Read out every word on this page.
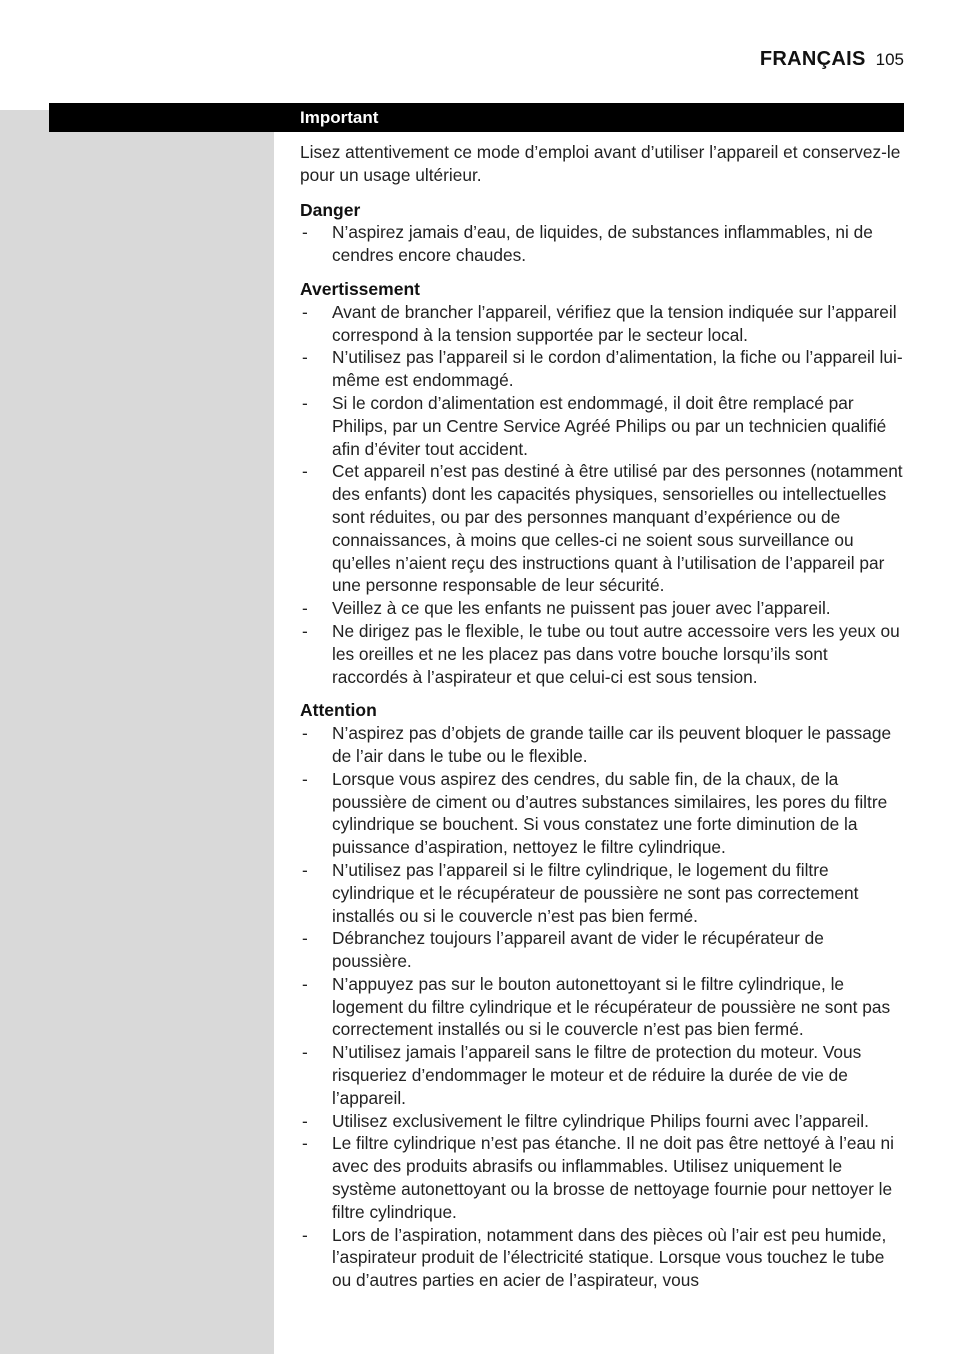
FRANÇAIS 105
Important

Lisez attentivement ce mode d’emploi avant d’utiliser l’appareil et conservez-le pour un usage ultérieur.

Danger
- N’aspirez jamais d’eau, de liquides, de substances inflammables, ni de cendres encore chaudes.
Avertissement
- Avant de brancher l’appareil, vérifiez que la tension indiquée sur l’appareil correspond à la tension supportée par le secteur local.
- N’utilisez pas l’appareil si le cordon d’alimentation, la fiche ou l’appareil lui-même est endommagé.
- Si le cordon d’alimentation est endommagé, il doit être remplacé par Philips, par un Centre Service Agréé Philips ou par un technicien qualifié afin d’éviter tout accident.
- Cet appareil n’est pas destiné à être utilisé par des personnes (notamment des enfants) dont les capacités physiques, sensorielles ou intellectuelles sont réduites, ou par des personnes manquant d’expérience ou de connaissances, à moins que celles-ci ne soient sous surveillance ou qu’elles n’aient reçu des instructions quant à l’utilisation de l’appareil par une personne responsable de leur sécurité.
- Veillez à ce que les enfants ne puissent pas jouer avec l’appareil.
- Ne dirigez pas le flexible, le tube ou tout autre accessoire vers les yeux ou les oreilles et ne les placez pas dans votre bouche lorsqu’ils sont raccordés à l’aspirateur et que celui-ci est sous tension.
Attention
- N’aspirez pas d’objets de grande taille car ils peuvent bloquer le passage de l’air dans le tube ou le flexible.
- Lorsque vous aspirez des cendres, du sable fin, de la chaux, de la poussière de ciment ou d’autres substances similaires, les pores du filtre cylindrique se bouchent. Si vous constatez une forte diminution de la puissance d’aspiration, nettoyez le filtre cylindrique.
- N’utilisez pas l’appareil si le filtre cylindrique, le logement du filtre cylindrique et le récupérateur de poussière ne sont pas correctement installés ou si le couvercle n’est pas bien fermé.
- Débranchez toujours l’appareil avant de vider le récupérateur de poussière.
- N’appuyez pas sur le bouton autonettoyant si le filtre cylindrique, le logement du filtre cylindrique et le récupérateur de poussière ne sont pas correctement installés ou si le couvercle n’est pas bien fermé.
- N’utilisez jamais l’appareil sans le filtre de protection du moteur. Vous risqueriez d’endommager le moteur et de réduire la durée de vie de l’appareil.
- Utilisez exclusivement le filtre cylindrique Philips fourni avec l’appareil.
- Le filtre cylindrique n’est pas étanche. Il ne doit pas être nettoyé à l’eau ni avec des produits abrasifs ou inflammables. Utilisez uniquement le système autonettoyant ou la brosse de nettoyage fournie pour nettoyer le filtre cylindrique.
- Lors de l’aspiration, notamment dans des pièces où l’air est peu humide, l’aspirateur produit de l’électricité statique. Lorsque vous touchez le tube ou d’autres parties en acier de l’aspirateur, vous
